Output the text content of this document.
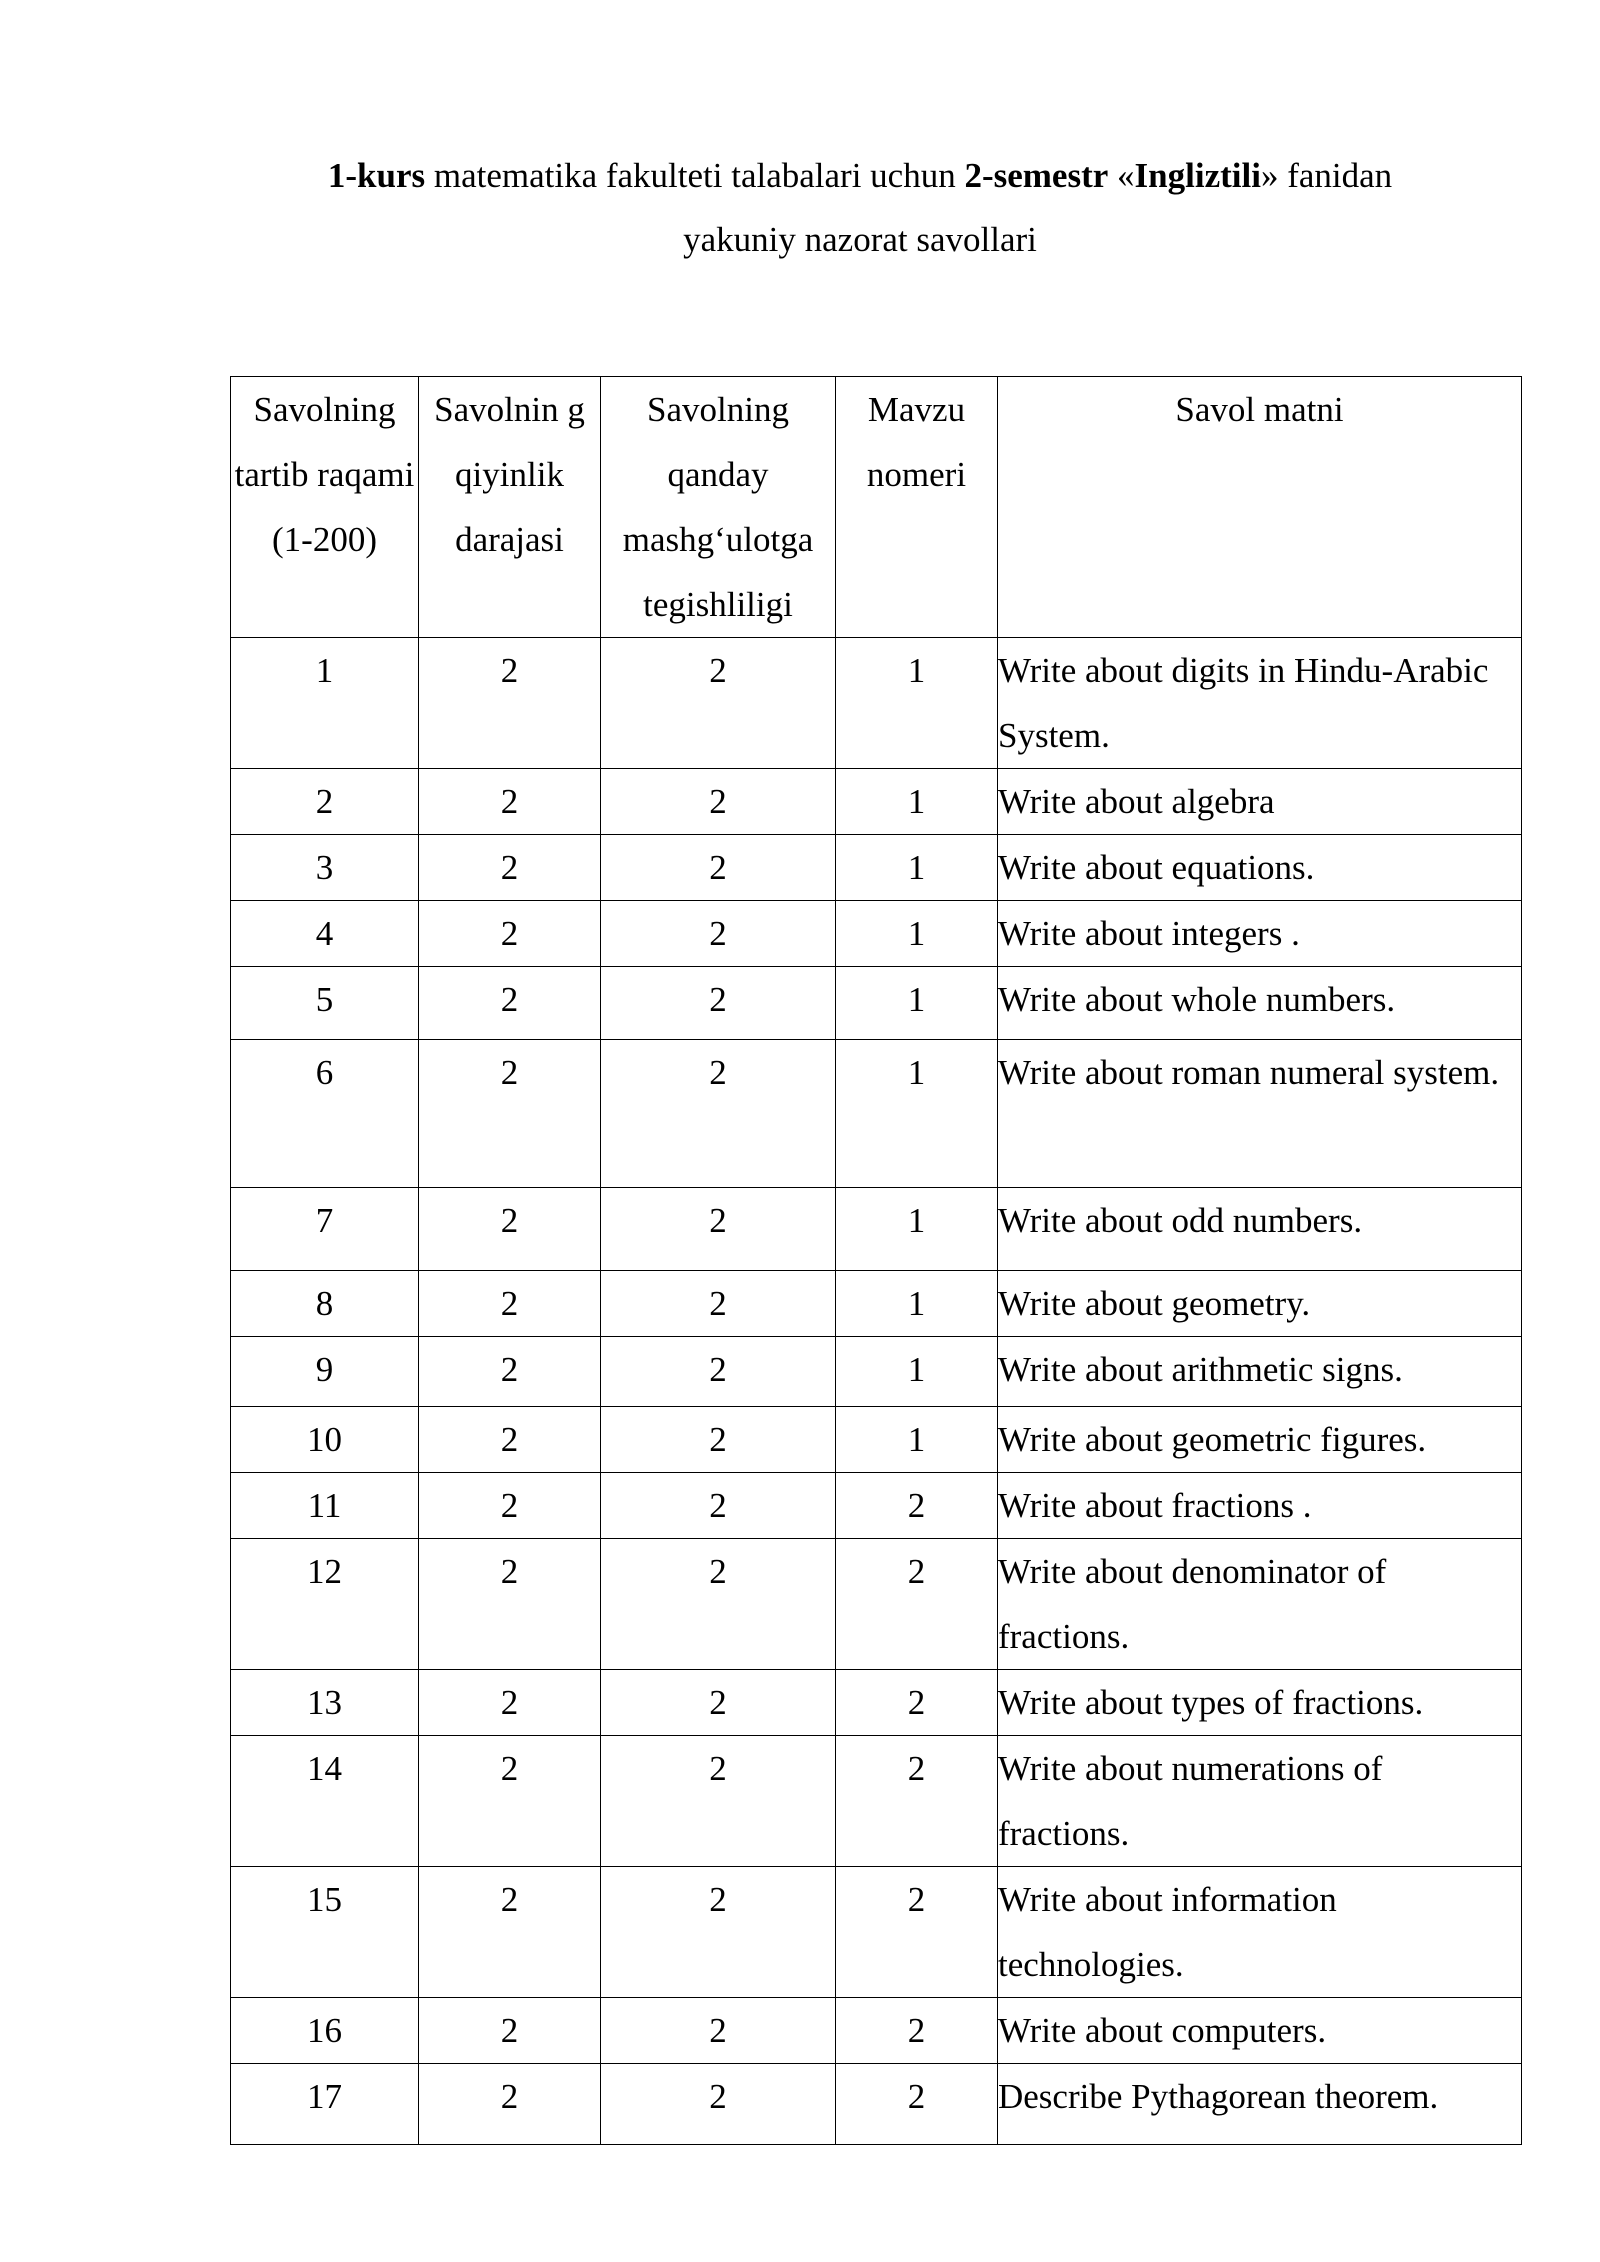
1-kurs matematika fakulteti talabalari uchun 2-semestr «Ingliztili» fanidan
yakuniy nazorat savollari
Savolning tartib raqami (1-200)	Savolnin g qiyinlik darajasi	Savolning qanday mashg‘ulotga tegishliligi	Mavzu nomeri	Savol matni
1	2	2	1	Write about digits in Hindu-Arabic System.
2	2	2	1	Write about algebra
3	2	2	1	Write about equations.
4	2	2	1	Write about integers .
5	2	2	1	Write about whole numbers.
6	2	2	1	Write about roman numeral system.
7	2	2	1	Write about odd numbers.
8	2	2	1	Write about geometry.
9	2	2	1	Write about arithmetic signs.
10	2	2	1	Write about geometric figures.
11	2	2	2	Write about fractions .
12	2	2	2	Write about denominator of fractions.
13	2	2	2	Write about types of fractions.
14	2	2	2	Write about numerations of fractions.
15	2	2	2	Write about information technologies.
16	2	2	2	Write about computers.
17	2	2	2	Describe Pythagorean theorem.
